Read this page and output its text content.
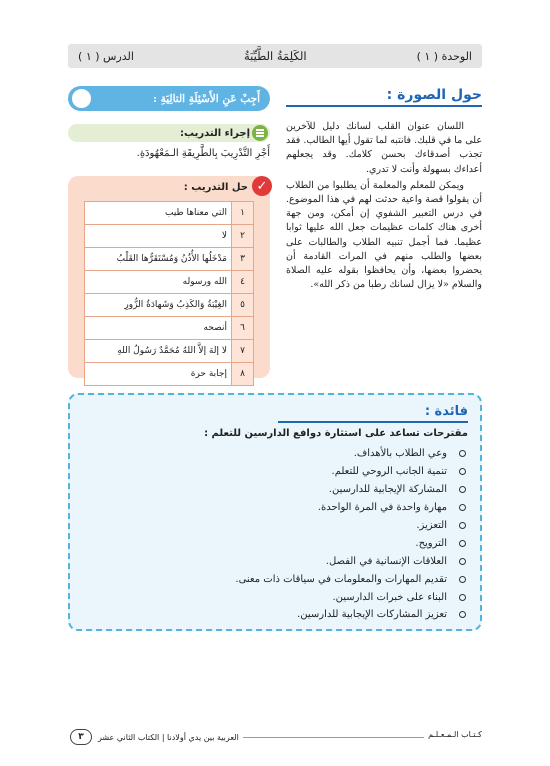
الوحدة ( ١ )
الكَلِمَةُ الطَّيِّبَةُ
الدرس ( ١ )
حول الصورة :

اللسان عنوان القلب لسانك دليل للآخرين على ما في قلبك. فانتبه لما تقول أيها الطالب. فقد تجذب أصدقاءك بحسن كلامك. وقد يجعلهم أعداءك بسهولة وأنت لا تدري.

ويمكن للمعلم والمعلمة أن يطلبوا من الطلاب أن يقولوا قصة واعية حدثت لهم في هذا الموضوع. في درس التعبير الشفوي إن أمكن، ومن جهة أخرى هناك كلمات عظيمات جعل الله عليها ثوابا عظيما. فما أجمل تنبيه الطلاب والطالبات على بعضها والطلب منهم في المرات القادمة أن يحضروا بعضها، وأن يحافظوا بقوله عليه الصلاة والسلام «لا يزال لسانك رطبا من ذكر الله».

أَجِبْ عَنِ الأَسْئِلَةِ التالِيَةِ :
إجراء التدريب:
أَجْرِ التَّدْرِيبَ بِالطَّرِيقَةِ الـمَعْهُودَةِ.
✓
حل التدريب :
١	التي معناها طيب
٢	لا
٣	مَدْخَلُها الأُذُنُ وَمُسْتَقَرُّها القَلْبُ
٤	الله ورسوله
٥	الغِيْبَةُ وَالكَذِبُ وَشَهادَةُ الزُّورِ
٦	أنصحه
٧	لا إلهَ إلاَّ اللهُ مُحَمَّدٌ رَسُولُ اللهِ
٨	إجابة حرة
فائدة :
مقترحات تساعد على استثارة دوافع الدارسين للتعلم :
وعي الطلاب بالأهداف.
تنمية الجانب الروحي للتعلم.
المشاركة الإيجابية للدارسين.
مهارة واحدة في المرة الواحدة.
التعزيز.
الترويح.
العلاقات الإنسانية في الفصل.
تقديم المهارات والمعلومات في سياقات ذات معنى.
البناء على خبرات الدارسين.
تعزيز المشاركات الإيجابية للدارسين.
كـتـاب الـمـعـلـم
٣	العربية بين يدي أولادنا | الكتاب الثاني عشر
